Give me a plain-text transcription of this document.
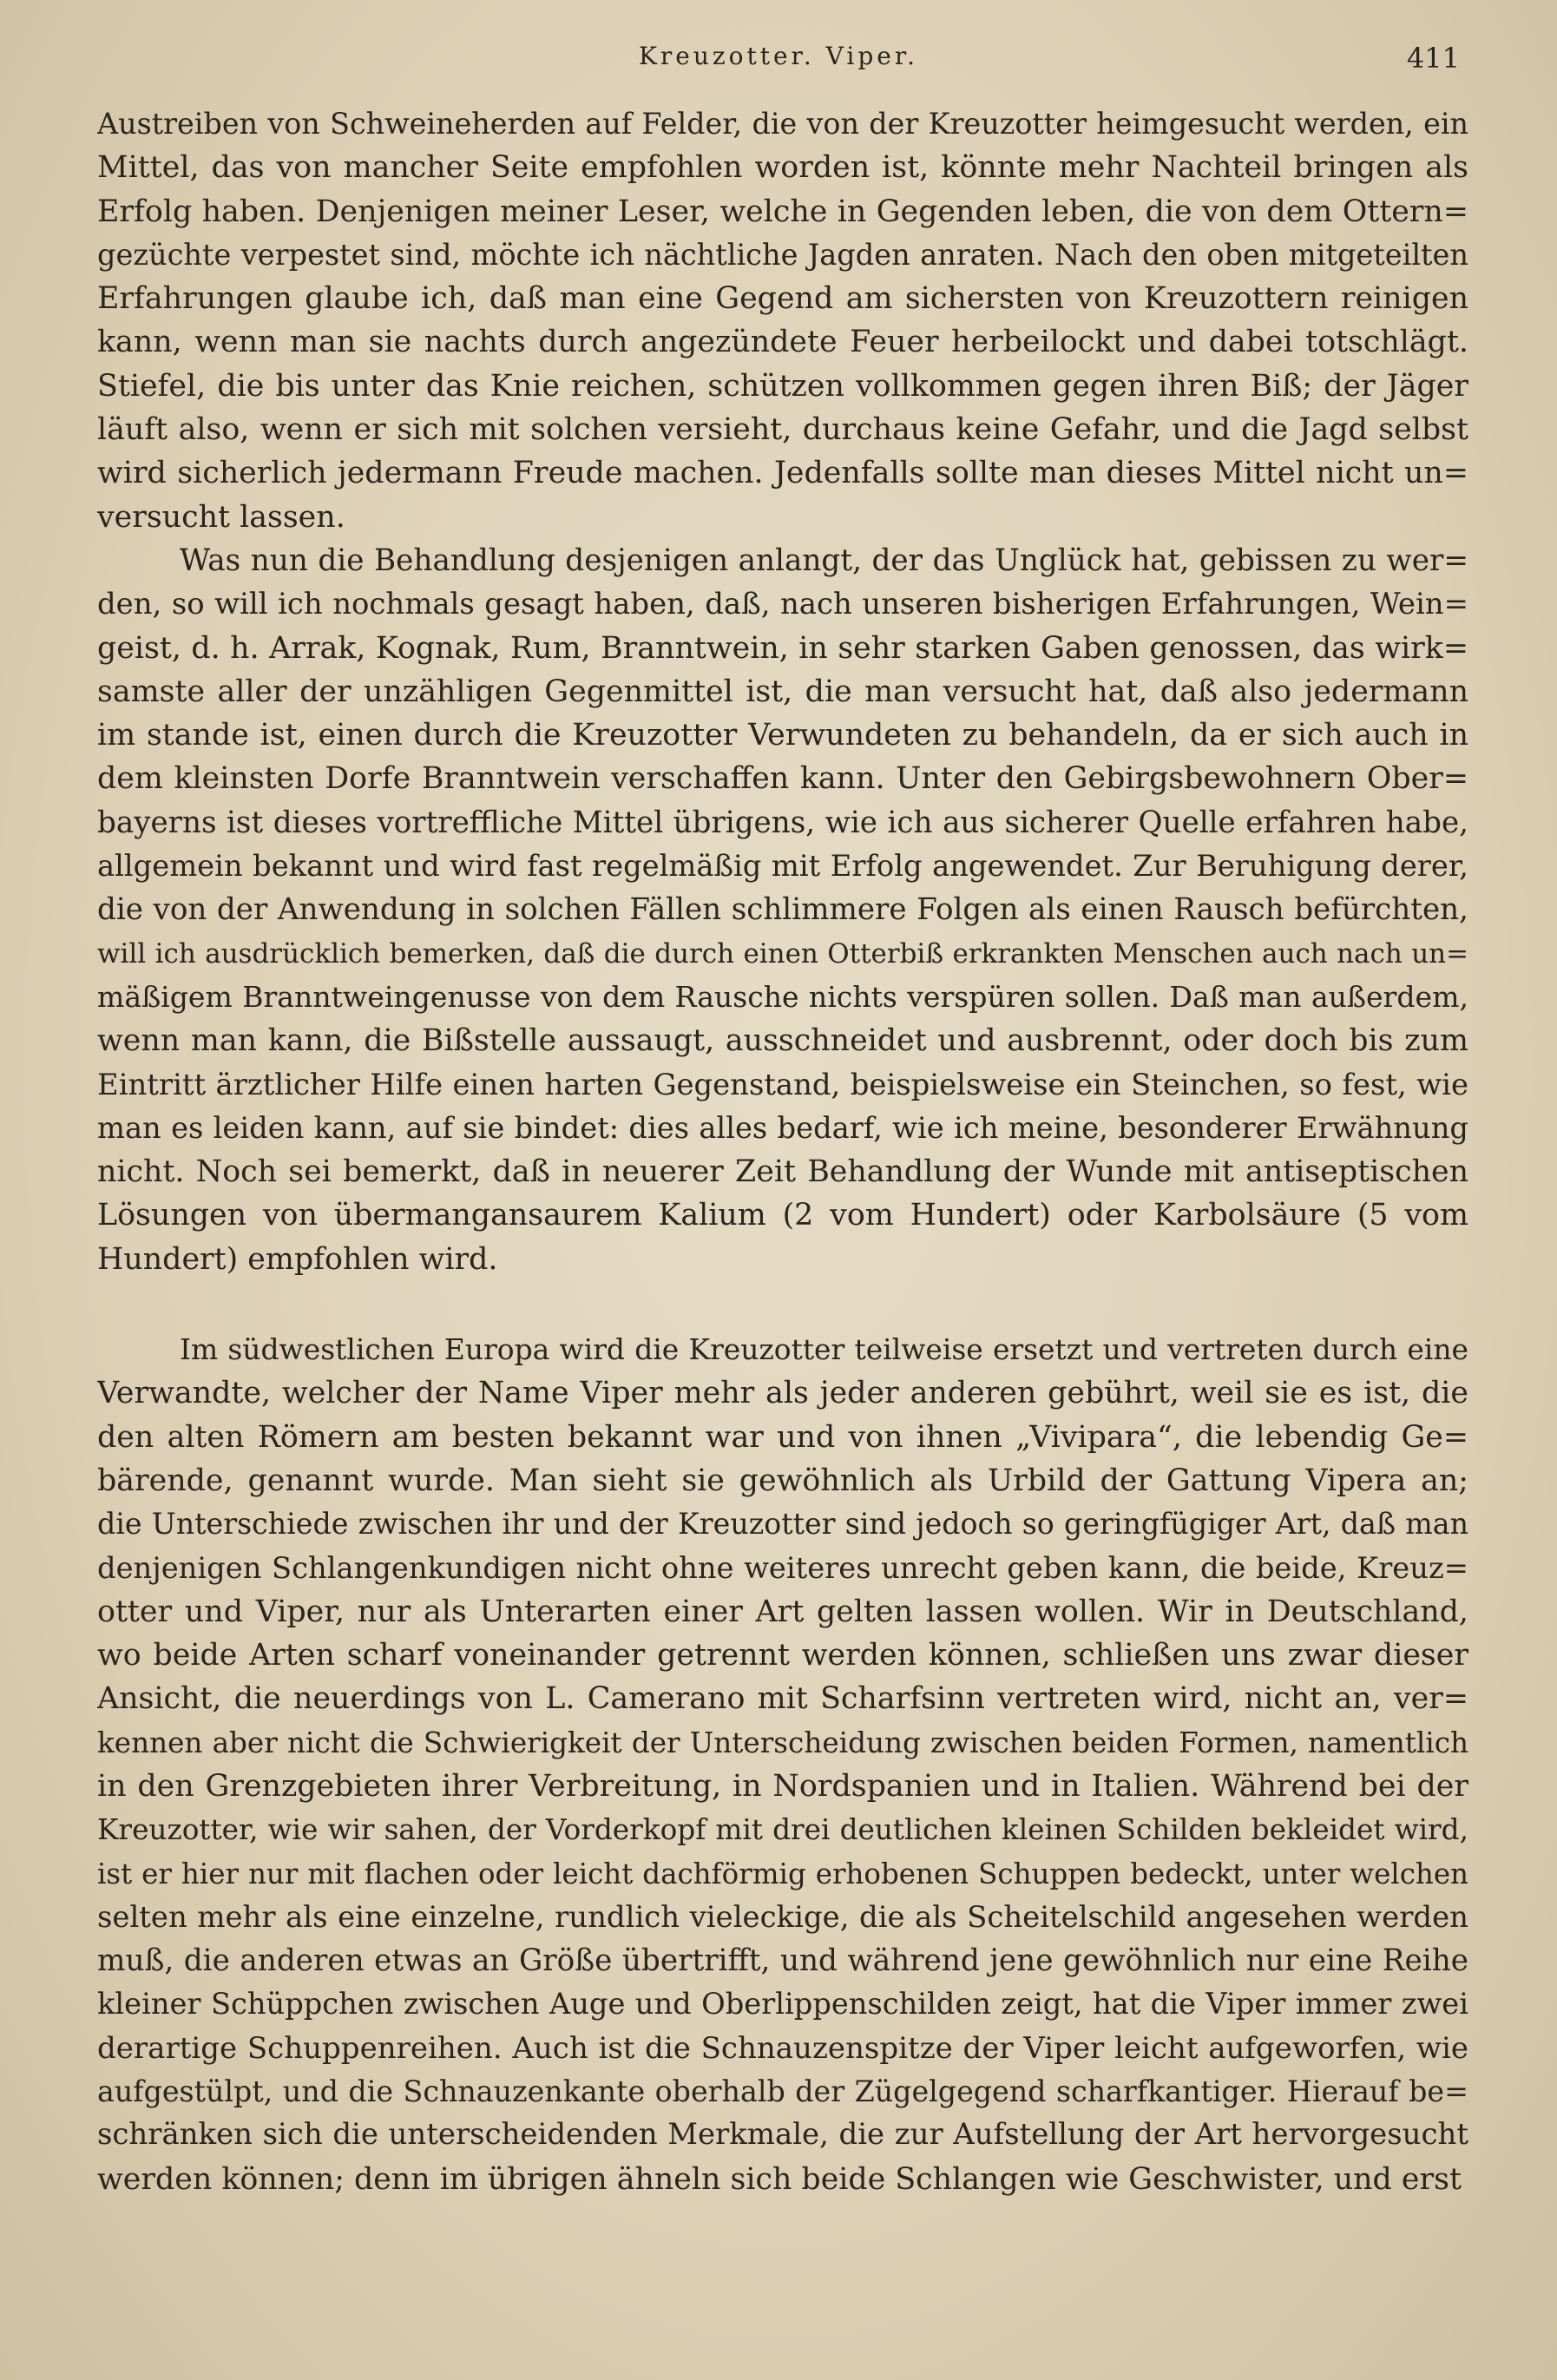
Kreuzotter. Viper.	411
Austreiben von Schweineherden auf Felder, die von der Kreuzotter heimgesucht werden, ein
Mittel, das von mancher Seite empfohlen worden ist, könnte mehr Nachteil bringen als
Erfolg haben. Denjenigen meiner Leser, welche in Gegenden leben, die von dem Ottern=
gezüchte verpestet sind, möchte ich nächtliche Jagden anraten. Nach den oben mitgeteilten
Erfahrungen glaube ich, daß man eine Gegend am sichersten von Kreuzottern reinigen
kann, wenn man sie nachts durch angezündete Feuer herbeilockt und dabei totschlägt.
Stiefel, die bis unter das Knie reichen, schützen vollkommen gegen ihren Biß; der Jäger
läuft also, wenn er sich mit solchen versieht, durchaus keine Gefahr, und die Jagd selbst
wird sicherlich jedermann Freude machen. Jedenfalls sollte man dieses Mittel nicht un=
versucht lassen.
Was nun die Behandlung desjenigen anlangt, der das Unglück hat, gebissen zu wer=
den, so will ich nochmals gesagt haben, daß, nach unseren bisherigen Erfahrungen, Wein=
geist, d. h. Arrak, Kognak, Rum, Branntwein, in sehr starken Gaben genossen, das wirk=
samste aller der unzähligen Gegenmittel ist, die man versucht hat, daß also jedermann
im stande ist, einen durch die Kreuzotter Verwundeten zu behandeln, da er sich auch in
dem kleinsten Dorfe Branntwein verschaffen kann. Unter den Gebirgsbewohnern Ober=
bayerns ist dieses vortreffliche Mittel übrigens, wie ich aus sicherer Quelle erfahren habe,
allgemein bekannt und wird fast regelmäßig mit Erfolg angewendet. Zur Beruhigung derer,
die von der Anwendung in solchen Fällen schlimmere Folgen als einen Rausch befürchten,
will ich ausdrücklich bemerken, daß die durch einen Otterbiß erkrankten Menschen auch nach un=
mäßigem Branntweingenusse von dem Rausche nichts verspüren sollen. Daß man außerdem,
wenn man kann, die Bißstelle aussaugt, ausschneidet und ausbrennt, oder doch bis zum
Eintritt ärztlicher Hilfe einen harten Gegenstand, beispielsweise ein Steinchen, so fest, wie
man es leiden kann, auf sie bindet: dies alles bedarf, wie ich meine, besonderer Erwähnung
nicht. Noch sei bemerkt, daß in neuerer Zeit Behandlung der Wunde mit antiseptischen
Lösungen von übermangansaurem Kalium (2 vom Hundert) oder Karbolsäure (5 vom
Hundert) empfohlen wird.
Im südwestlichen Europa wird die Kreuzotter teilweise ersetzt und vertreten durch eine
Verwandte, welcher der Name Viper mehr als jeder anderen gebührt, weil sie es ist, die
den alten Römern am besten bekannt war und von ihnen „Vivipara“, die lebendig Ge=
bärende, genannt wurde. Man sieht sie gewöhnlich als Urbild der Gattung Vipera an;
die Unterschiede zwischen ihr und der Kreuzotter sind jedoch so geringfügiger Art, daß man
denjenigen Schlangenkundigen nicht ohne weiteres unrecht geben kann, die beide, Kreuz=
otter und Viper, nur als Unterarten einer Art gelten lassen wollen. Wir in Deutschland,
wo beide Arten scharf voneinander getrennt werden können, schließen uns zwar dieser
Ansicht, die neuerdings von L. Camerano mit Scharfsinn vertreten wird, nicht an, ver=
kennen aber nicht die Schwierigkeit der Unterscheidung zwischen beiden Formen, namentlich
in den Grenzgebieten ihrer Verbreitung, in Nordspanien und in Italien. Während bei der
Kreuzotter, wie wir sahen, der Vorderkopf mit drei deutlichen kleinen Schilden bekleidet wird,
ist er hier nur mit flachen oder leicht dachförmig erhobenen Schuppen bedeckt, unter welchen
selten mehr als eine einzelne, rundlich vieleckige, die als Scheitelschild angesehen werden
muß, die anderen etwas an Größe übertrifft, und während jene gewöhnlich nur eine Reihe
kleiner Schüppchen zwischen Auge und Oberlippenschilden zeigt, hat die Viper immer zwei
derartige Schuppenreihen. Auch ist die Schnauzenspitze der Viper leicht aufgeworfen, wie
aufgestülpt, und die Schnauzenkante oberhalb der Zügelgegend scharfkantiger. Hierauf be=
schränken sich die unterscheidenden Merkmale, die zur Aufstellung der Art hervorgesucht
werden können; denn im übrigen ähneln sich beide Schlangen wie Geschwister, und erst
